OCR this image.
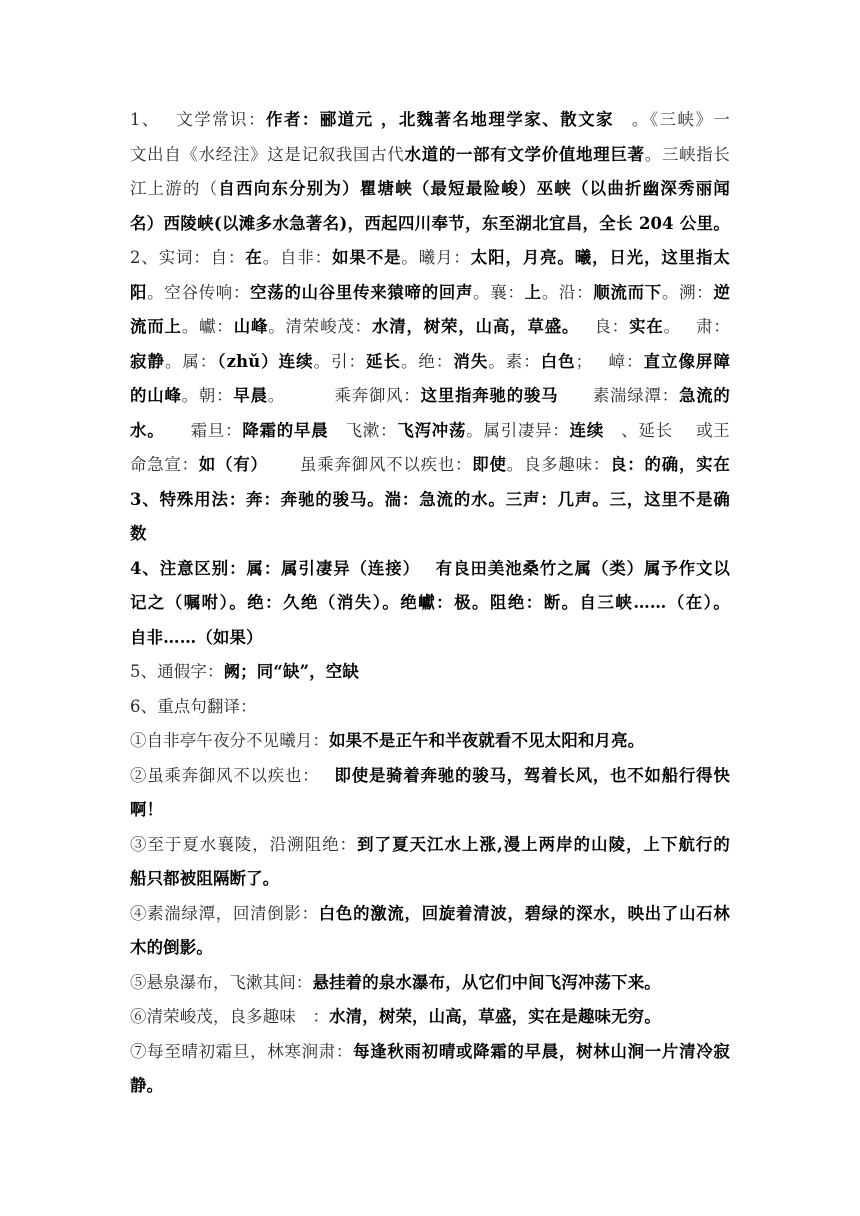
1、　 文学常识：作者：郦道元 ，北魏著名地理学家、散文家　。《三峡》一
文出自《水经注》这是记叙我国古代水道的一部有文学价值地理巨著。三峡指长
江上游的（自西向东分别为）瞿塘峡（最短最险峻）巫峡（以曲折幽深秀丽闻
名）西陵峡(以滩多水急著名)，西起四川奉节，东至湖北宜昌，全长 204 公里。
2、实词：自：在。自非：如果不是。曦月：太阳，月亮。曦，日光，这里指太
阳。空谷传响：空荡的山谷里传来猿啼的回声。襄：上。沿：顺流而下。溯：逆
流而上。巘：山峰。清荣峻茂：水清，树荣，山高，草盛。　 良：实在。　 肃：
寂静。属：（zhǔ）连续。引：延长。绝：消失。素：白色；　 嶂：直立像屏障
的山峰。朝：早晨。　　　 乘奔御风：这里指奔驰的骏马　　素湍绿潭：急流的
水。　　霜旦：降霜的早晨　飞漱：飞泻冲荡。属引凄异：连续　、延长　 或王
命急宣：如（有）　　 虽乘奔御风不以疾也：即使。良多趣味：良：的确，实在
3、特殊用法：奔：奔驰的骏马。湍：急流的水。三声：几声。三，这里不是确
数
4、注意区别：属：属引凄异（连接）　 有良田美池桑竹之属（类）属予作文以
记之（嘱咐）。绝：久绝（消失）。绝巘：极。阻绝：断。自三峡……（在）。
自非……（如果）
5、通假字：阙；同“缺”，空缺
6、重点句翻译：
①自非亭午夜分不见曦月：如果不是正午和半夜就看不见太阳和月亮。
②虽乘奔御风不以疾也：　 即使是骑着奔驰的骏马，驾着长风，也不如船行得快
啊！
③至于夏水襄陵，沿溯阻绝：到了夏天江水上涨,漫上两岸的山陵，上下航行的
船只都被阻隔断了。
④素湍绿潭，回清倒影：白色的激流，回旋着清波，碧绿的深水，映出了山石林
木的倒影。
⑤悬泉瀑布，飞漱其间：悬挂着的泉水瀑布，从它们中间飞泻冲荡下来。
⑥清荣峻茂，良多趣味　：水清，树荣，山高，草盛，实在是趣味无穷。
⑦每至晴初霜旦，林寒涧肃：每逢秋雨初晴或降霜的早晨，树林山涧一片清冷寂
静。
